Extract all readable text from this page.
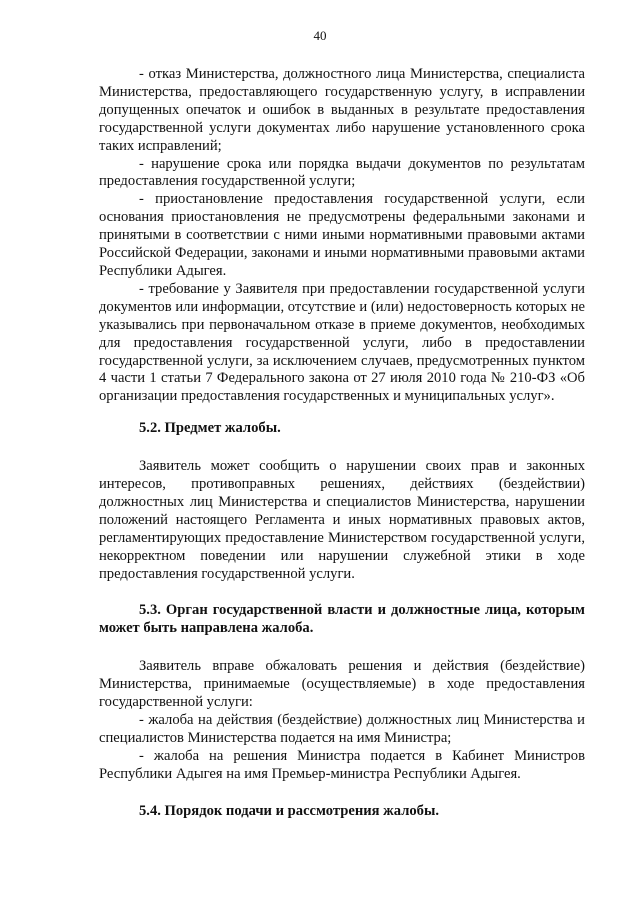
40

- отказ Министерства, должностного лица Министерства, специалиста Министерства, предоставляющего государственную услугу, в исправлении допущенных опечаток и ошибок в выданных в результате предоставления государственной услуги документах либо нарушение установленного срока таких исправлений;

- нарушение срока или порядка выдачи документов по результатам предоставления государственной услуги;

- приостановление предоставления государственной услуги, если основания приостановления не предусмотрены федеральными законами и принятыми в соответствии с ними иными нормативными правовыми актами Российской Федерации, законами и иными нормативными правовыми актами Республики Адыгея.

- требование у Заявителя при предоставлении государственной услуги документов или информации, отсутствие и (или) недостоверность которых не указывались при первоначальном отказе в приеме документов, необходимых для предоставления государственной услуги, либо в предоставлении государственной услуги, за исключением случаев, предусмотренных пунктом 4 части 1 статьи 7 Федерального закона от 27 июля 2010 года № 210-ФЗ «Об организации предоставления государственных и муниципальных услуг».

5.2. Предмет жалобы.

Заявитель может сообщить о нарушении своих прав и законных интересов, противоправных решениях, действиях (бездействии) должностных лиц Министерства и специалистов Министерства, нарушении положений настоящего Регламента и иных нормативных правовых актов, регламентирующих предоставление Министерством государственной услуги, некорректном поведении или нарушении служебной этики в ходе предоставления государственной услуги.

5.3. Орган государственной власти и должностные лица, которым может быть направлена жалоба.

Заявитель вправе обжаловать решения и действия (бездействие) Министерства, принимаемые (осуществляемые) в ходе предоставления государственной услуги:

- жалоба на действия (бездействие) должностных лиц Министерства и специалистов Министерства подается на имя Министра;

- жалоба на решения Министра подается в Кабинет Министров Республики Адыгея на имя Премьер-министра Республики Адыгея.

5.4. Порядок подачи и рассмотрения жалобы.
